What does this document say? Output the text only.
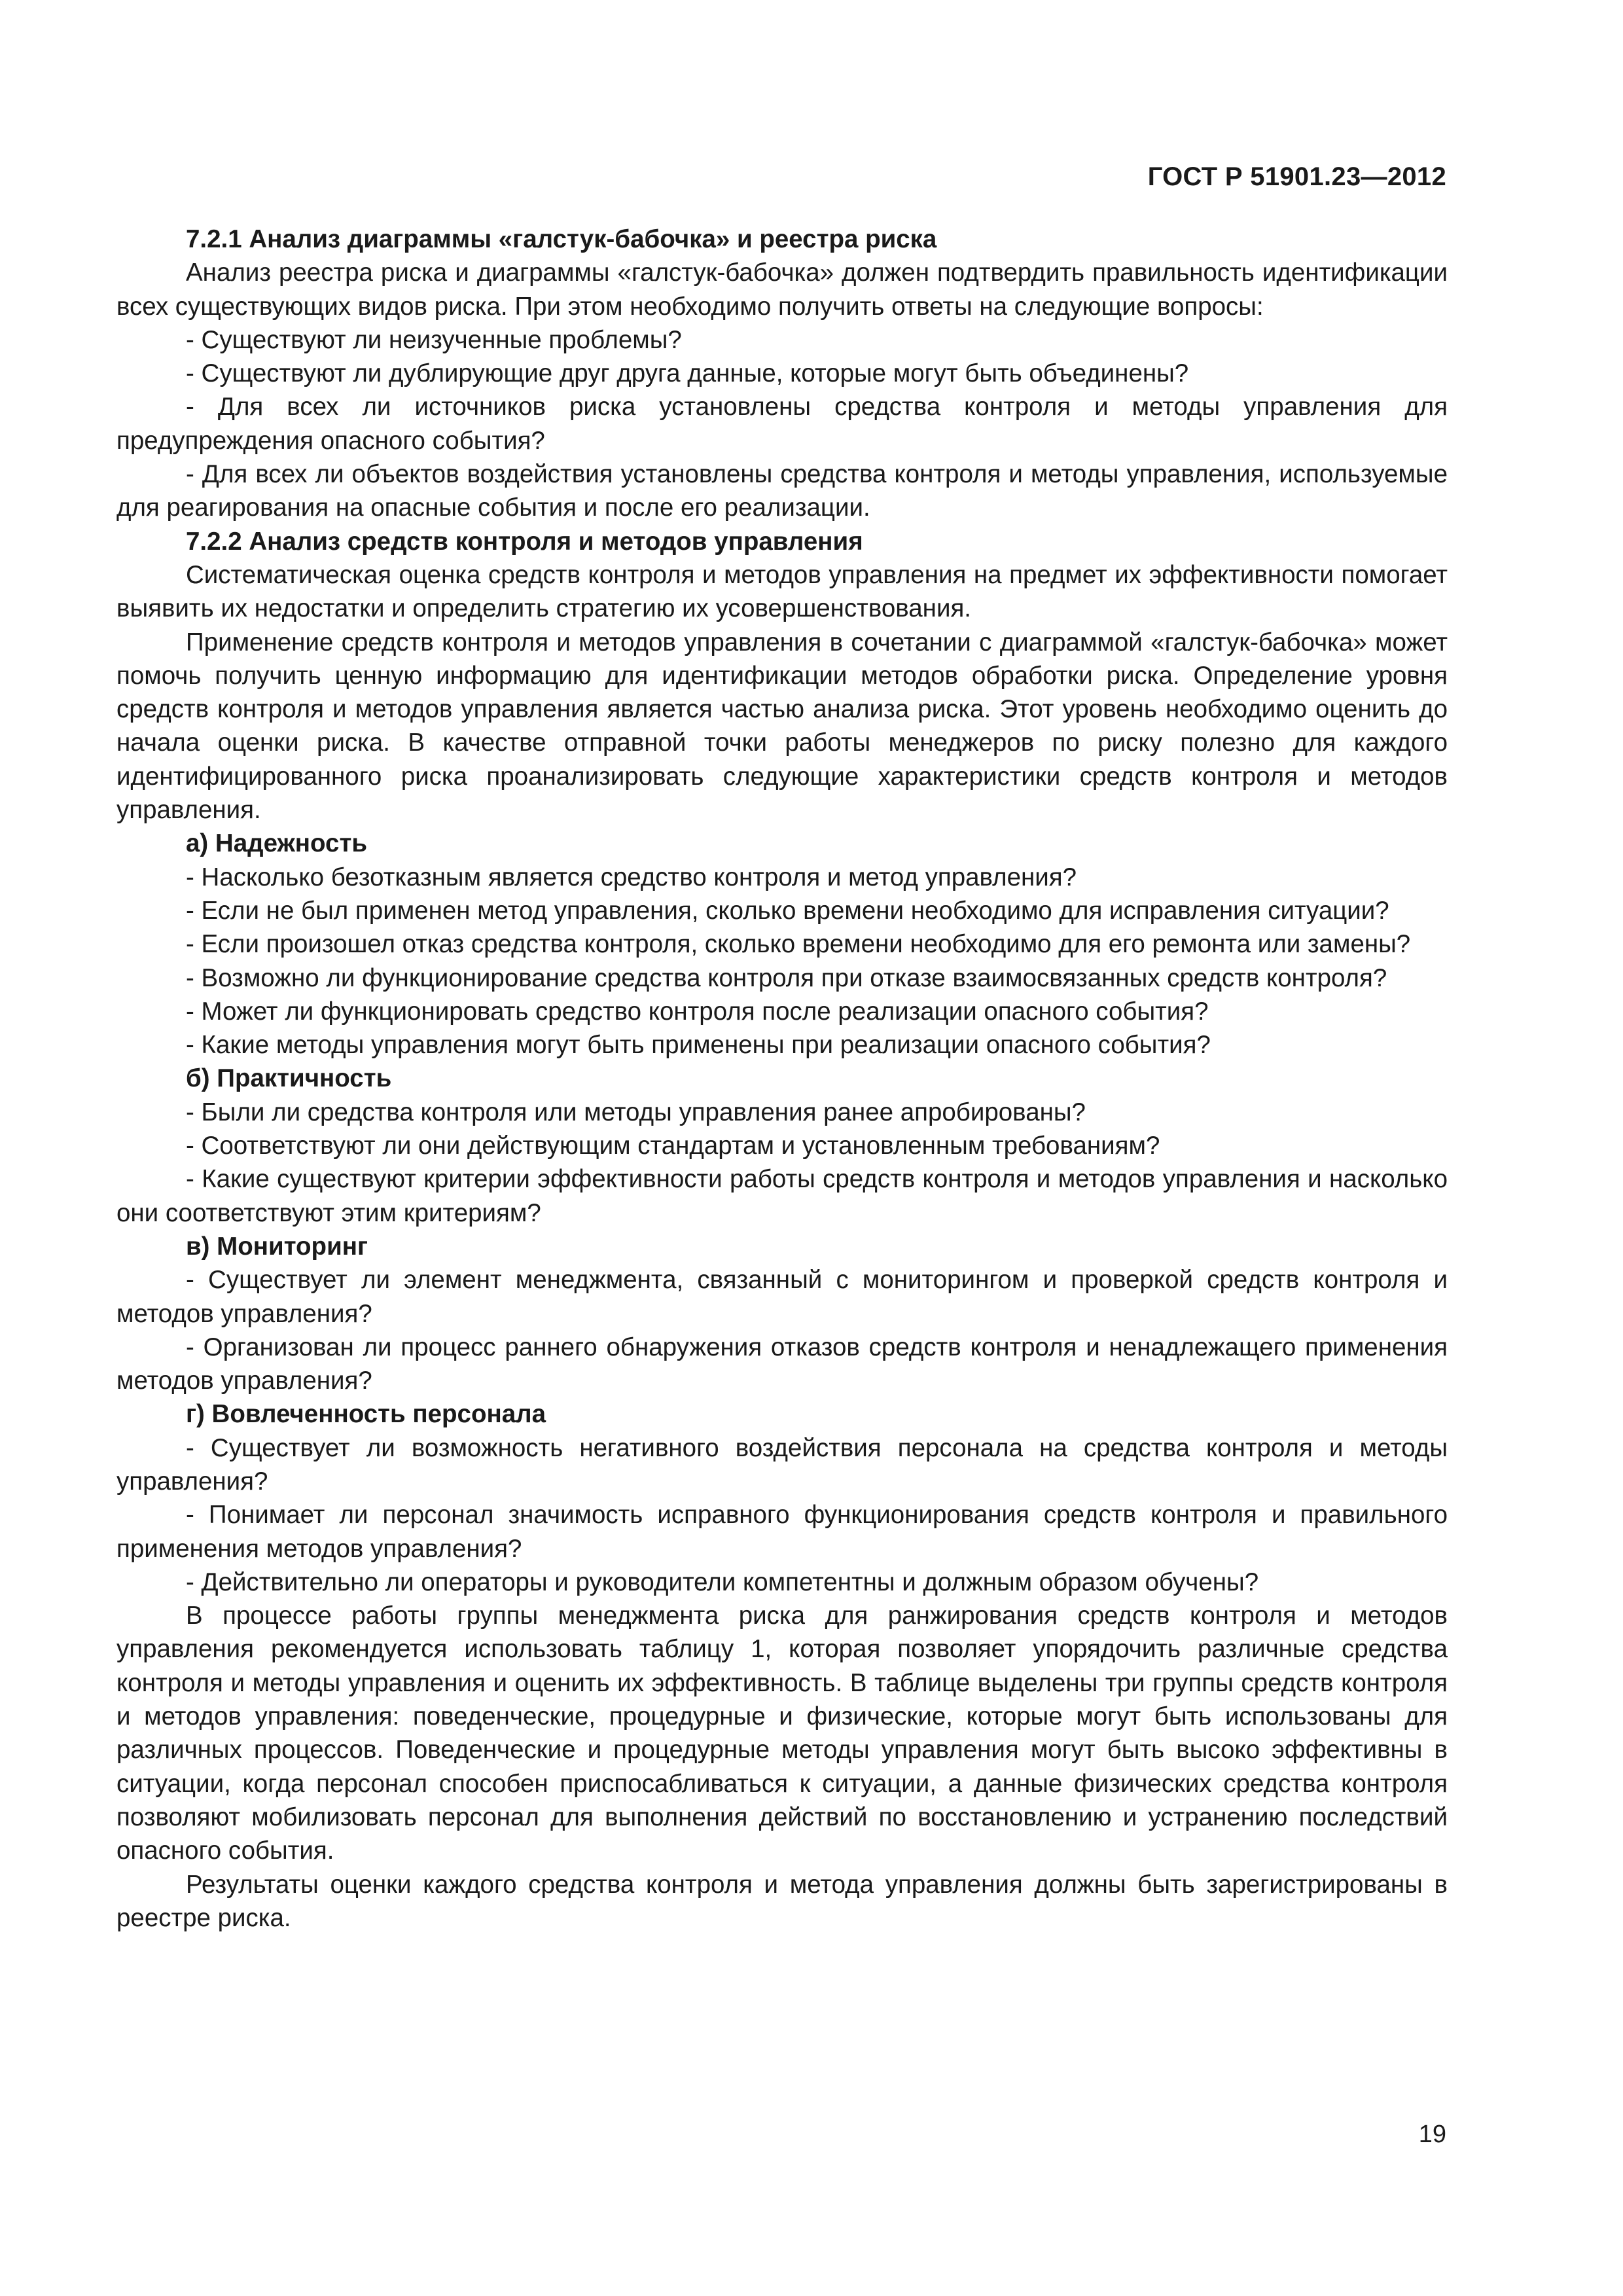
ГОСТ Р 51901.23—2012

7.2.1 Анализ диаграммы «галстук-бабочка» и реестра риска

Анализ реестра риска и диаграммы «галстук-бабочка» должен подтвердить правильность идентификации всех существующих видов риска. При этом необходимо получить ответы на следующие вопросы:

- Существуют ли неизученные проблемы?

- Существуют ли дублирующие друг друга данные, которые могут быть объединены?

- Для всех ли источников риска установлены средства контроля и методы управления для предупреждения опасного события?

- Для всех ли объектов воздействия установлены средства контроля и методы управления, используемые для реагирования на опасные события и после его реализации.

7.2.2 Анализ средств контроля и методов управления

Систематическая оценка средств контроля и методов управления на предмет их эффективности помогает выявить их недостатки и определить стратегию их усовершенствования.

Применение средств контроля и методов управления в сочетании с диаграммой «галстук-бабочка» может помочь получить ценную информацию для идентификации методов обработки риска. Определение уровня средств контроля и методов управления является частью анализа риска. Этот уровень необходимо оценить до начала оценки риска. В качестве отправной точки работы менеджеров по риску полезно для каждого идентифицированного риска проанализировать следующие характеристики средств контроля и методов управления.

а) Надежность

- Насколько безотказным является средство контроля и метод управления?

- Если не был применен метод управления, сколько времени необходимо для исправления ситуации?

- Если произошел отказ средства контроля, сколько времени необходимо для его ремонта или замены?

- Возможно ли функционирование средства контроля при отказе взаимосвязанных средств контроля?

- Может ли функционировать средство контроля после реализации опасного события?

- Какие методы управления могут быть применены при реализации опасного события?

б) Практичность

- Были ли средства контроля или методы управления ранее апробированы?

- Соответствуют ли они действующим стандартам и установленным требованиям?

- Какие существуют критерии эффективности работы средств контроля и методов управления и насколько они соответствуют этим критериям?

в) Мониторинг

- Существует ли элемент менеджмента, связанный с мониторингом и проверкой средств контроля и методов управления?

- Организован ли процесс раннего обнаружения отказов средств контроля и ненадлежащего применения методов управления?

г) Вовлеченность персонала

- Существует ли возможность негативного воздействия персонала на средства контроля и методы управления?

- Понимает ли персонал значимость исправного функционирования средств контроля и правильного применения методов управления?

- Действительно ли операторы и руководители компетентны и должным образом обучены?

В процессе работы группы менеджмента риска для ранжирования средств контроля и методов управления рекомендуется использовать таблицу 1, которая позволяет упорядочить различные средства контроля и методы управления и оценить их эффективность. В таблице выделены три группы средств контроля и методов управления: поведенческие, процедурные и физические, которые могут быть использованы для различных процессов. Поведенческие и процедурные методы управления могут быть высоко эффективны в ситуации, когда персонал способен приспосабливаться к ситуации, а данные физических средства контроля позволяют мобилизовать персонал для выполнения действий по восстановлению и устранению последствий опасного события.

Результаты оценки каждого средства контроля и метода управления должны быть зарегистрированы в реестре риска.

19
